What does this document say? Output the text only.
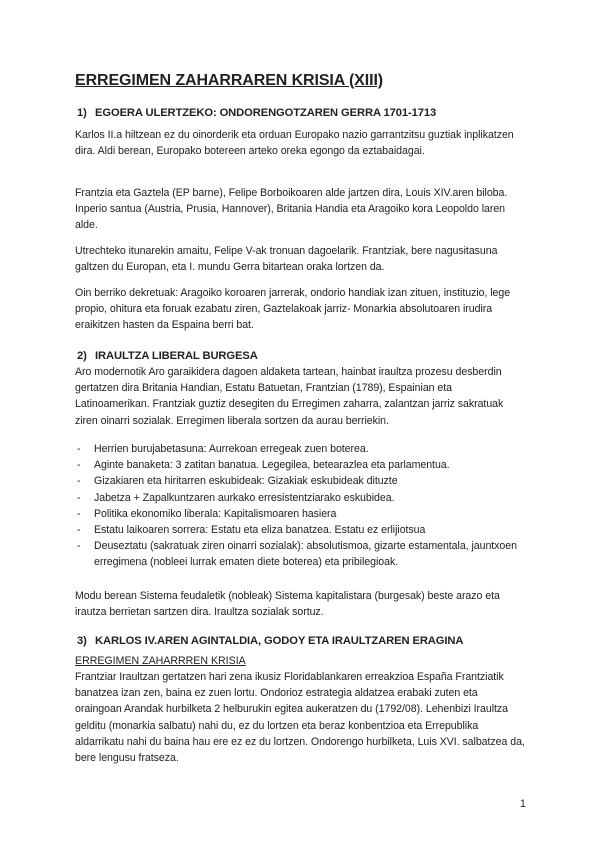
ERREGIMEN ZAHARRAREN KRISIA (XIII)
1) EGOERA ULERTZEKO: ONDORENGOTZAREN GERRA 1701-1713

Karlos II.a hiltzean ez du oinorderik eta orduan Europako nazio garrantzitsu guztiak inplikatzen dira. Aldi berean, Europako botereen arteko oreka egongo da eztabaidagai.

Frantzia eta Gaztela (EP barne), Felipe Borboikoaren alde jartzen dira, Louis XIV.aren biloba. Inperio santua (Austria, Prusia, Hannover), Britania Handia eta Aragoiko kora Leopoldo laren alde.

Utrechteko itunarekin amaitu, Felipe V-ak tronuan dagoelarik. Frantziak, bere nagusitasuna galtzen du Europan, eta I. mundu Gerra bitartean oraka lortzen da.

Oin berriko dekretuak: Aragoiko koroaren jarrerak, ondorio handiak izan zituen, instituzio, lege propio, ohitura eta foruak ezabatu ziren, Gaztelakoak jarriz- Monarkia absolutoaren irudira eraikitzen hasten da Espaina berri bat.

2) IRAULTZA LIBERAL BURGESA

Aro modernotik Aro garaikidera dagoen aldaketa tartean, hainbat iraultza prozesu desberdin gertatzen dira Britania Handian, Estatu Batuetan, Frantzian (1789), Espainian eta Latinoamerikan. Frantziak guztiz desegiten du Erregimen zaharra, zalantzan jarriz sakratuak ziren oinarri sozialak. Erregimen liberala sortzen da aurau berriekin.

- Herrien burujabetasuna: Aurrekoan erregeak zuen boterea.
- Aginte banaketa: 3 zatitan banatua. Legegilea, betearazlea eta parlamentua.
- Gizakiaren eta hiritarren eskubideak: Gizakiak eskubideak dituzte
- Jabetza + Zapalkuntzaren aurkako erresistentziarako eskubidea.
- Politika ekonomiko liberala: Kapitalismoaren hasiera
- Estatu laikoaren sorrera: Estatu eta eliza banatzea. Estatu ez erlijiotsua
- Deuseztatu (sakratuak ziren oinarri sozialak): absolutismoa, gizarte estamentala, jauntxoen erregimena (nobleei lurrak ematen diete boterea) eta pribilegioak.

Modu berean Sistema feudaletik (nobleak) Sistema kapitalistara (burgesak) beste arazo eta irautza berrietan sartzen dira. Iraultza sozialak sortuz.

3) KARLOS IV.AREN AGINTALDIA, GODOY ETA IRAULTZAREN ERAGINA
ERREGIMEN ZAHARRREN KRISIA

Frantziar Iraultzan gertatzen hari zena ikusiz Floridablankaren erreakzioa España Frantziatik banatzea izan zen, baina ez zuen lortu. Ondorioz estrategia aldatzea erabaki zuten eta oraingoan Arandak hurbilketa 2 helburukin egitea aukeratzen du (1792/08). Lehenbizi Iraultza gelditu (monarkia salbatu) nahi du, ez du lortzen eta beraz konbentzioa eta Errepublika aldarrikatu nahi du baina hau ere ez ez du lortzen. Ondorengo hurbilketa, Luis XVI. salbatzea da, bere lengusu fratseza.

1
